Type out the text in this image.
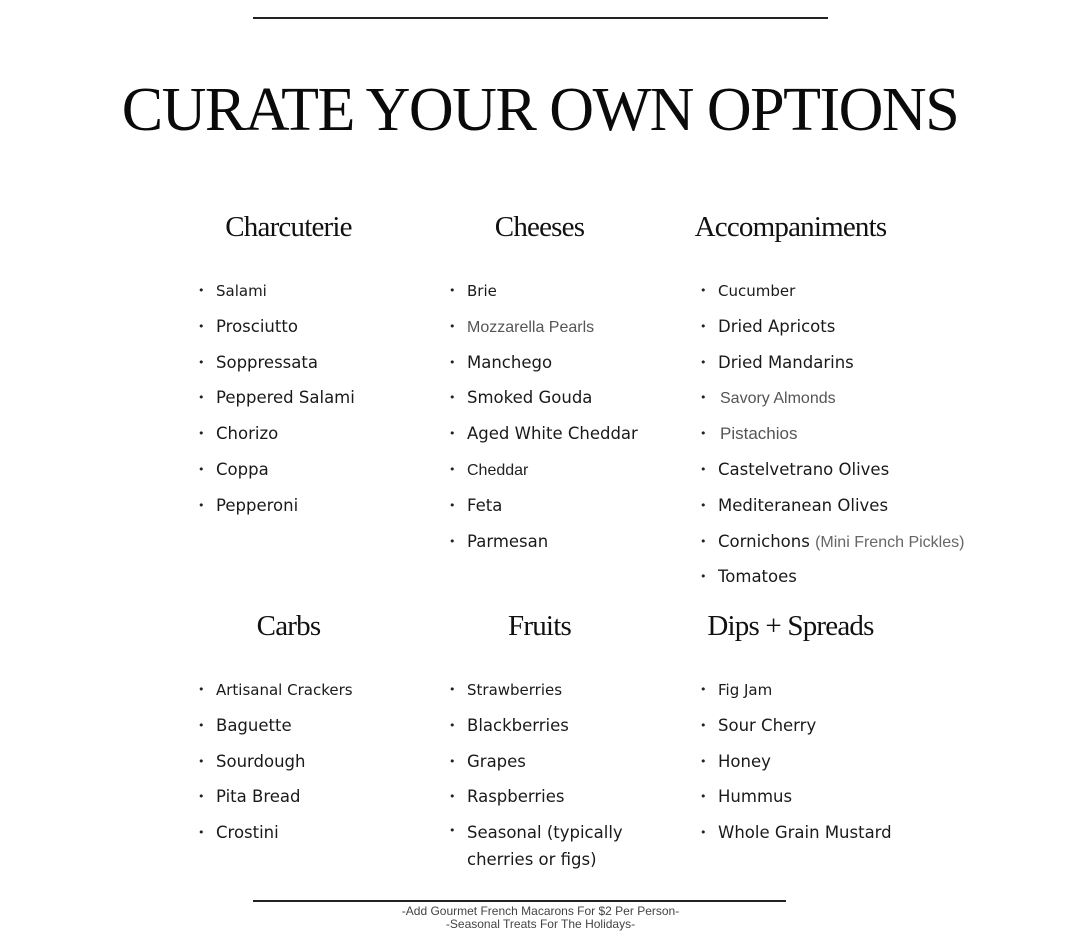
CURATE YOUR OWN OPTIONS
Charcuterie
• Salami
• Prosciutto
• Soppressata
• Peppered Salami
• Chorizo
• Coppa
• Pepperoni
Cheeses
• Brie
• Mozzarella Pearls
• Manchego
• Smoked Gouda
• Aged White Cheddar
• Cheddar
• Feta
• Parmesan
Accompaniments
• Cucumber
• Dried Apricots
• Dried Mandarins
• Savory Almonds
• Pistachios
• Castelvetrano Olives
• Mediteranean Olives
• Cornichons (Mini French Pickles)
• Tomatoes
Carbs
• Artisanal Crackers
• Baguette
• Sourdough
• Pita Bread
• Crostini
Fruits
• Strawberries
• Blackberries
• Grapes
• Raspberries
• Seasonal (typically cherries or figs)
Dips + Spreads
• Fig Jam
• Sour Cherry
• Honey
• Hummus
• Whole Grain Mustard
-Add Gourmet French Macarons For $2 Per Person-
-Seasonal Treats For The Holidays-
